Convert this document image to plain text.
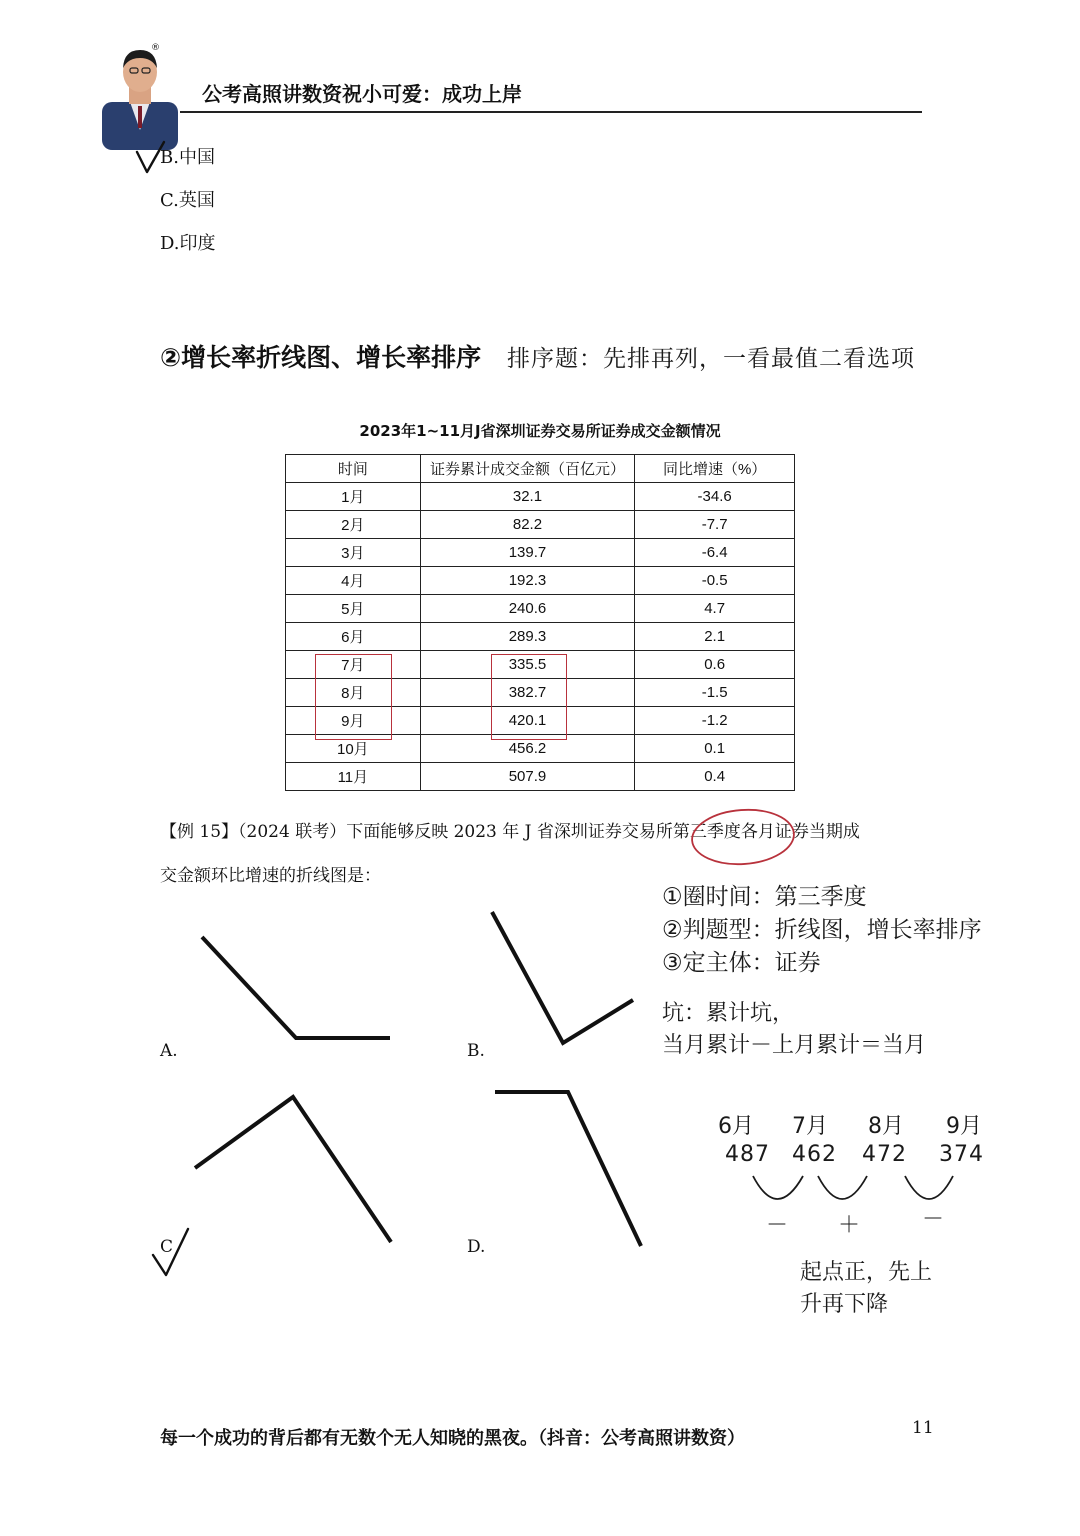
®
公考高照讲数资祝小可爱：成功上岸
B.中国
C.英国
D.印度
②增长率折线图、增长率排序 排序题：先排再列，一看最值二看选项
2023年1~11月J省深圳证券交易所证券成交金额情况
时间	证券累计成交金额（百亿元）	同比增速（%）
1月	32.1	-34.6
2月	82.2	-7.7
3月	139.7	-6.4
4月	192.3	-0.5
5月	240.6	4.7
6月	289.3	2.1
7月	335.5	0.6
8月	382.7	-1.5
9月	420.1	-1.2
10月	456.2	0.1
11月	507.9	0.4
【例 15】（2024 联考）下面能够反映 2023 年 J 省深圳证券交易所第三季度各月证券当期成
交金额环比增速的折线图是：
A.	B.
C	D.
①圈时间：第三季度
②判题型：折线图，增长率排序
③定主体：证券
坑：累计坑，
当月累计－上月累计＝当月
6月 7月 8月 9月
487 462 472 374
－ ＋	－
起点正，先上
升再下降
每一个成功的背后都有无数个无人知晓的黑夜。（抖音：公考高照讲数资）	11
